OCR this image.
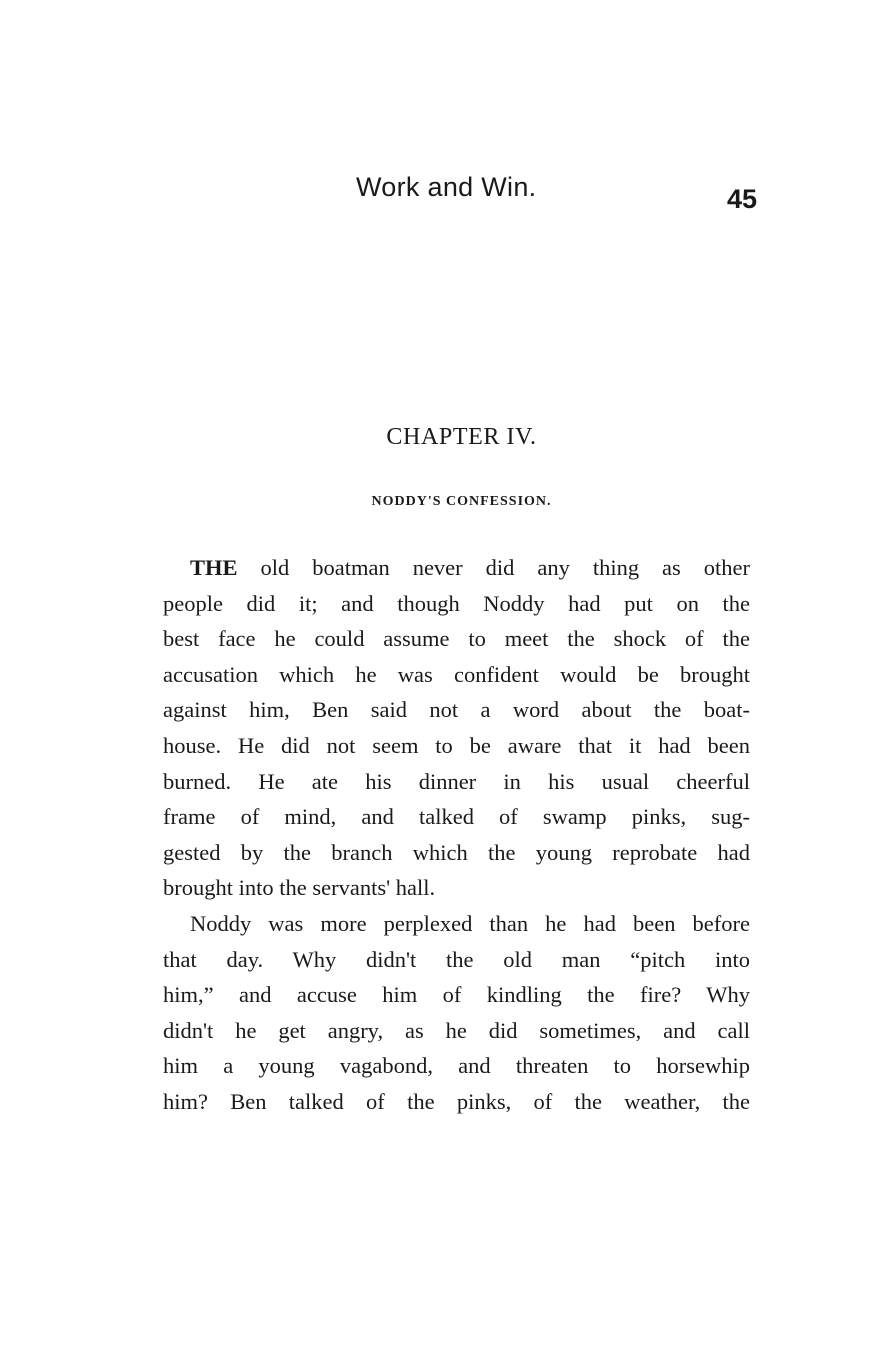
Work and Win.	45
CHAPTER IV.
NODDY'S CONFESSION.
THE old boatman never did any thing as other
people did it; and though Noddy had put on the
best face he could assume to meet the shock of the
accusation which he was confident would be brought
against him, Ben said not a word about the boat-
house. He did not seem to be aware that it had been
burned. He ate his dinner in his usual cheerful
frame of mind, and talked of swamp pinks, sug-
gested by the branch which the young reprobate had
brought into the servants' hall.
Noddy was more perplexed than he had been before
that day. Why didn't the old man “pitch into
him,” and accuse him of kindling the fire? Why
didn't he get angry, as he did sometimes, and call
him a young vagabond, and threaten to horsewhip
him? Ben talked of the pinks, of the weather, the
